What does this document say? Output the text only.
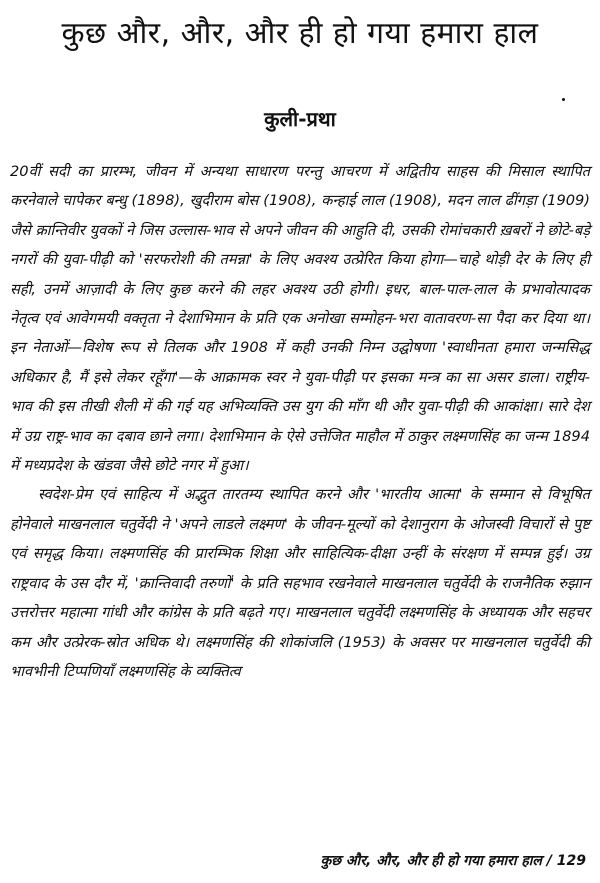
कुछ और, और, और ही हो गया हमारा हाल
कुली-प्रथा

20वीं सदी का प्रारम्भ, जीवन में अन्यथा साधारण परन्तु आचरण में अद्वितीय साहस की मिसाल स्थापित करनेवाले चापेकर बन्धु (1898), खुदीराम बोस (1908), कन्हाई लाल (1908), मदन लाल ढींगड़ा (1909) जैसे क्रान्तिवीर युवकों ने जिस उल्लास-भाव से अपने जीवन की आहुति दी, उसकी रोमांचकारी ख़बरों ने छोटे-बड़े नगरों की युवा-पीढ़ी को 'सरफरोशी की तमन्ना' के लिए अवश्य उत्प्रेरित किया होगा—चाहे थोड़ी देर के लिए ही सही, उनमें आज़ादी के लिए कुछ करने की लहर अवश्य उठी होगी। इधर, बाल-पाल-लाल के प्रभावोत्पादक नेतृत्व एवं आवेगमयी वक्तृता ने देशाभिमान के प्रति एक अनोखा सम्मोहन-भरा वातावरण-सा पैदा कर दिया था। इन नेताओं—विशेष रूप से तिलक और 1908 में कही उनकी निम्न उद्घोषणा 'स्वाधीनता हमारा जन्मसिद्ध अधिकार है, मैं इसे लेकर रहूँगा'—के आक्रामक स्वर ने युवा-पीढ़ी पर इसका मन्त्र का सा असर डाला। राष्ट्रीय-भाव की इस तीखी शैली में की गई यह अभिव्यक्ति उस युग की माँग थी और युवा-पीढ़ी की आकांक्षा। सारे देश में उग्र राष्ट्र-भाव का दबाव छाने लगा। देशाभिमान के ऐसे उत्तेजित माहौल में ठाकुर लक्ष्मणसिंह का जन्म 1894 में मध्यप्रदेश के खंडवा जैसे छोटे नगर में हुआ।

स्वदेश-प्रेम एवं साहित्य में अद्भुत तारतम्य स्थापित करने और 'भारतीय आत्मा' के सम्मान से विभूषित होनेवाले माखनलाल चतुर्वेदी ने 'अपने लाडले लक्ष्मण' के जीवन-मूल्यों को देशानुराग के ओजस्वी विचारों से पुष्ट एवं समृद्ध किया। लक्ष्मणसिंह की प्रारम्भिक शिक्षा और साहित्यिक-दीक्षा उन्हीं के संरक्षण में सम्पन्न हुई। उग्र राष्ट्रवाद के उस दौर में, 'क्रान्तिवादी तरुणों' के प्रति सहभाव रखनेवाले माखनलाल चतुर्वेदी के राजनैतिक रुझान उत्तरोत्तर महात्मा गांधी और कांग्रेस के प्रति बढ़ते गए। माखनलाल चतुर्वेदी लक्ष्मणसिंह के अध्यायक और सहचर कम और उत्प्रेरक-स्रोत अधिक थे। लक्ष्मणसिंह की शोकांजलि (1953) के अवसर पर माखनलाल चतुर्वेदी की भावभीनी टिप्पणियाँ लक्ष्मणसिंह के व्यक्तित्व

कुछ और, और, और ही हो गया हमारा हाल / 129
